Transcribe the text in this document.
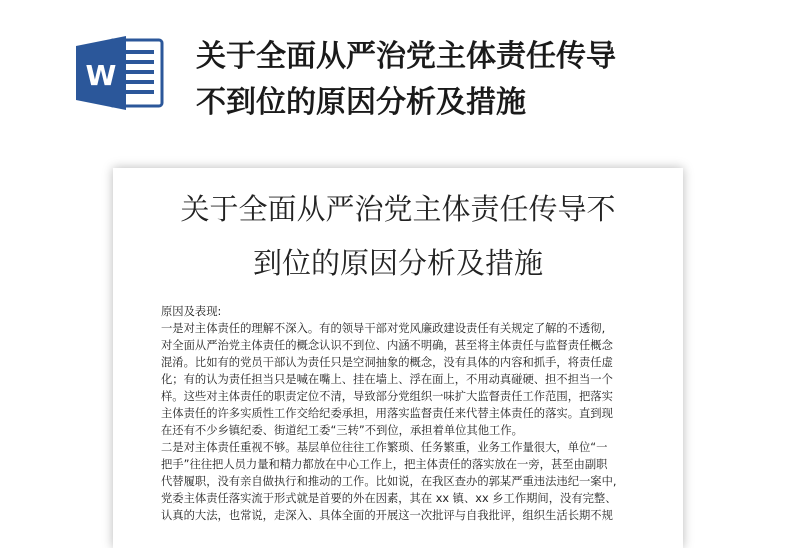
W
关于全面从严治党主体责任传导
不到位的原因分析及措施
关于全面从严治党主体责任传导不
到位的原因分析及措施
原因及表现:
一是对主体责任的理解不深入。有的领导干部对党风廉政建设责任有关规定了解的不透彻,
对全面从严治党主体责任的概念认识不到位、内涵不明确，甚至将主体责任与监督责任概念
混淆。比如有的党员干部认为责任只是空洞抽象的概念，没有具体的内容和抓手，将责任虚
化；有的认为责任担当只是喊在嘴上、挂在墙上、浮在面上，不用动真碰硬、担不担当一个
样。这些对主体责任的职责定位不清，导致部分党组织一味扩大监督责任工作范围，把落实
主体责任的许多实质性工作交给纪委承担，用落实监督责任来代替主体责任的落实。直到现
在还有不少乡镇纪委、街道纪工委“三转”不到位，承担着单位其他工作。
二是对主体责任重视不够。基层单位往往工作繁琐、任务繁重，业务工作量很大，单位“一
把手”往往把人员力量和精力都放在中心工作上，把主体责任的落实放在一旁，甚至由副职
代替履职，没有亲自做执行和推动的工作。比如说，在我区查办的郭某严重违法违纪一案中,
党委主体责任落实流于形式就是首要的外在因素，其在 xx 镇、xx 乡工作期间，没有完整、
认真的大法，也常说，走深入、具体全面的开展这一次批评与自我批评，组织生活长期不规
